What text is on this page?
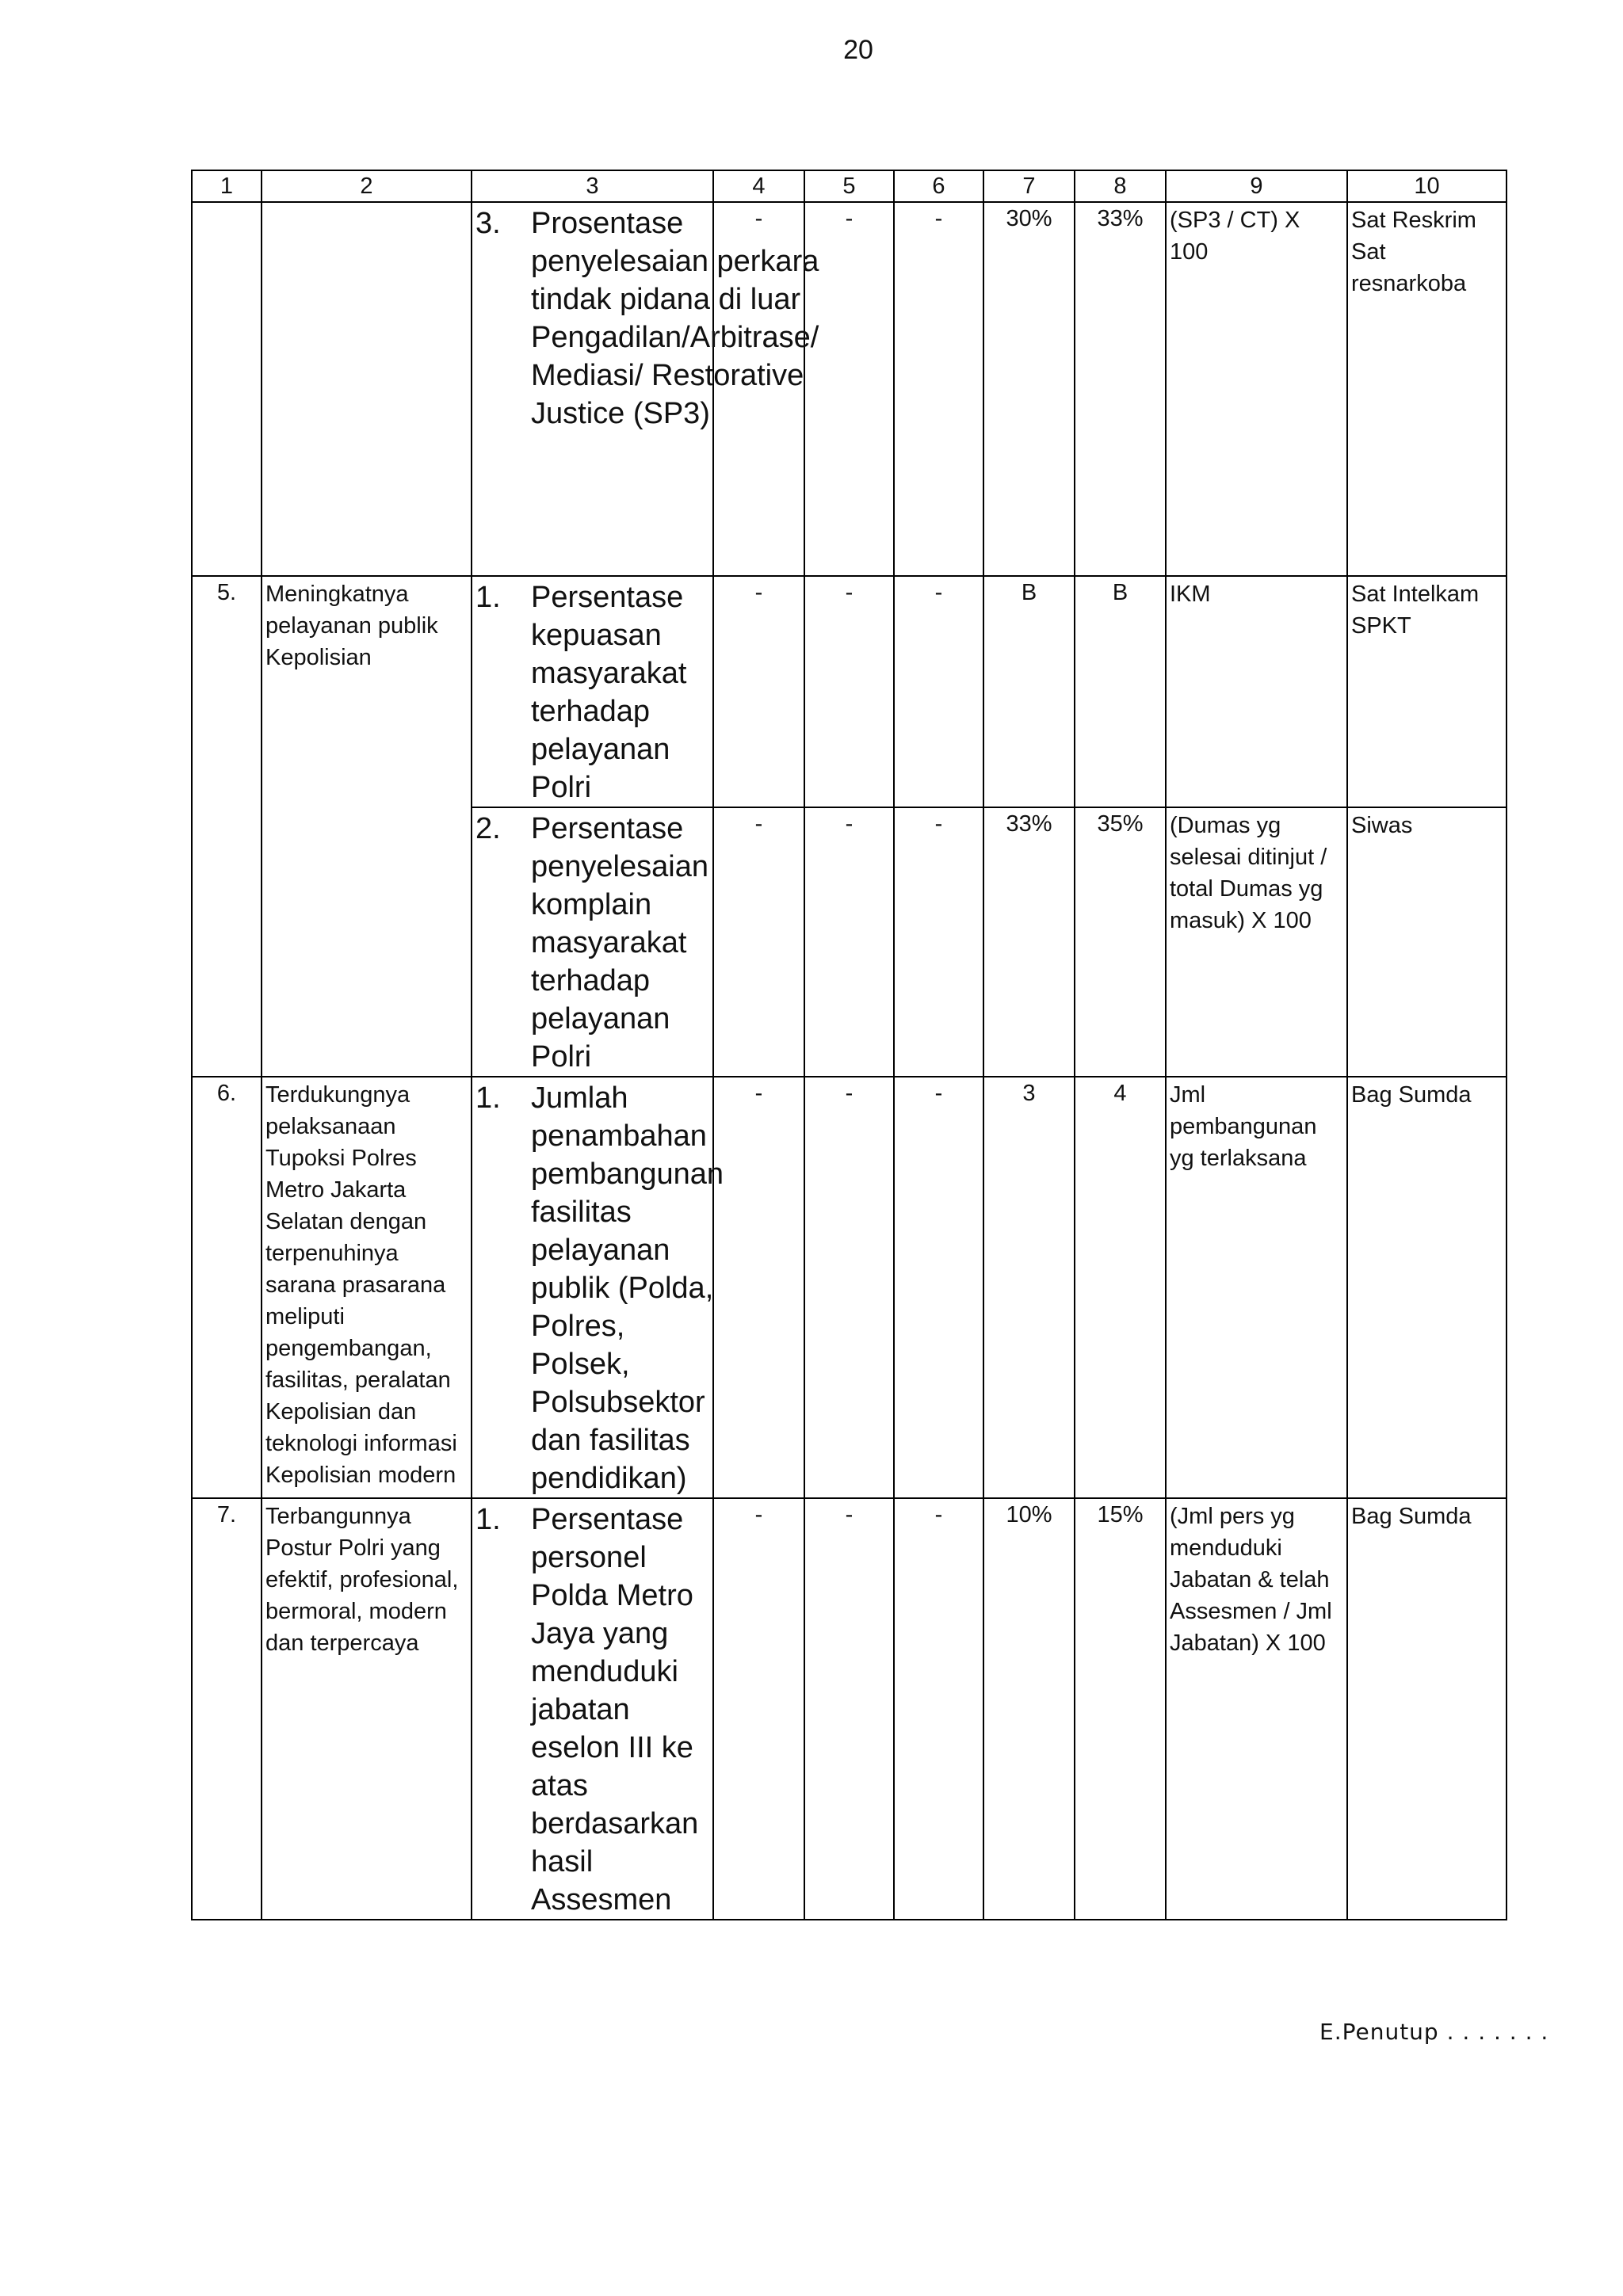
20
1	2	3	4	5	6	7	8	9	10

		3. Prosentase penyelesaian perkara tindak pidana di luar Pengadilan/Arbitrase/ Mediasi/ Restorative Justice (SP3)	-	-	-	30%	33%	(SP3 / CT) X 100	Sat Reskrim Sat resnarkoba
5.	Meningkatnya pelayanan publik Kepolisian	1. Persentase kepuasan masyarakat terhadap pelayanan Polri	-	-	-	B	B	IKM	Sat Intelkam SPKT

		2. Persentase penyelesaian komplain masyarakat terhadap pelayanan Polri	-	-	-	33%	35%	(Dumas yg selesai ditinjut / total Dumas yg masuk) X 100	Siwas
6.	Terdukungnya pelaksanaan Tupoksi Polres Metro Jakarta Selatan dengan terpenuhinya sarana prasarana meliputi pengembangan, fasilitas, peralatan Kepolisian dan teknologi informasi Kepolisian modern	1. Jumlah penambahan pembangunan fasilitas pelayanan publik (Polda, Polres, Polsek, Polsubsektor dan fasilitas pendidikan)	-	-	-	3	4	Jml pembangunan yg terlaksana	Bag Sumda
7.	Terbangunnya Postur Polri yang efektif, profesional, bermoral, modern dan terpercaya	1. Persentase personel Polda Metro Jaya yang menduduki jabatan eselon III ke atas berdasarkan hasil Assesmen	-	-	-	10%	15%	(Jml pers yg menduduki Jabatan & telah Assesmen / Jml Jabatan) X 100	Bag Sumda
E.Penutup . . . . . . .
